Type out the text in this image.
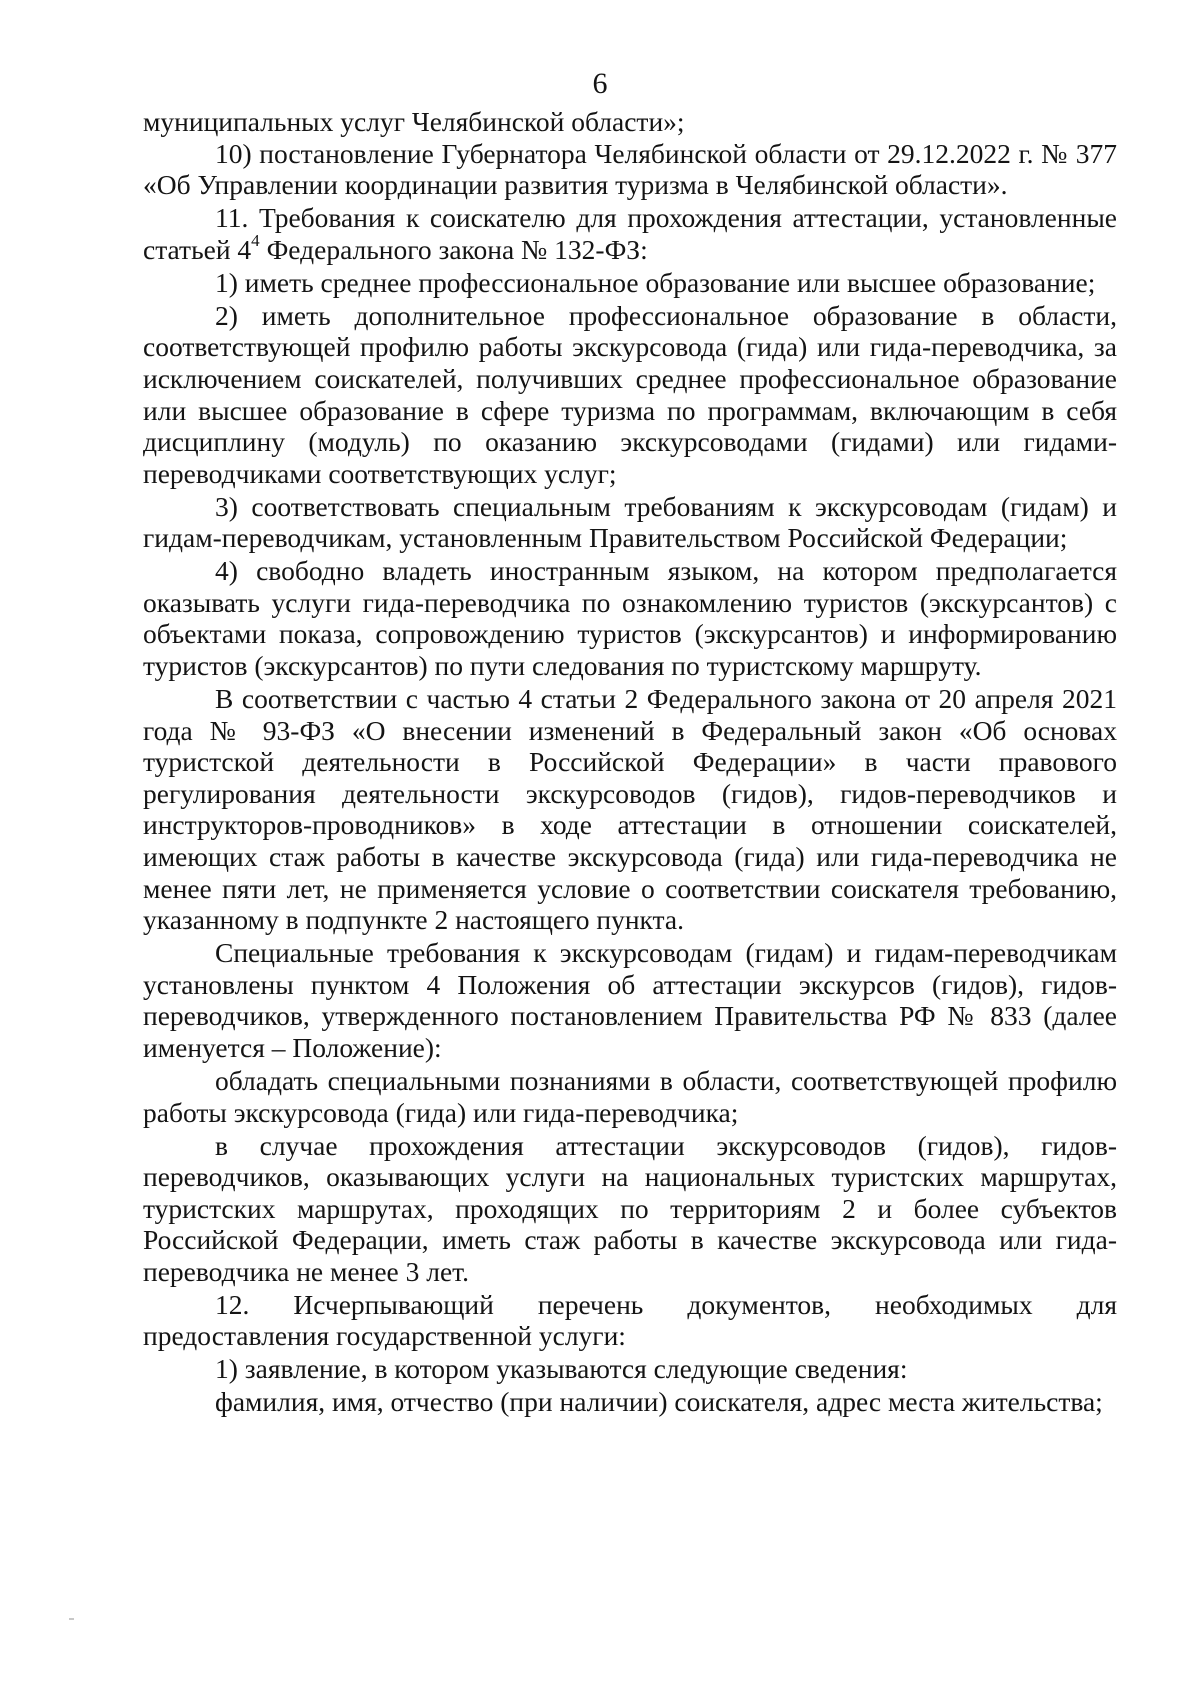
6

муниципальных услуг Челябинской области»;

10) постановление Губернатора Челябинской области от 29.12.2022 г. № 377 «Об Управлении координации развития туризма в Челябинской области».

11. Требования к соискателю для прохождения аттестации, установленные статьей $4^4$ Федерального закона № 132-ФЗ:

1) иметь среднее профессиональное образование или высшее образование;

2) иметь дополнительное профессиональное образование в области, соответствующей профилю работы экскурсовода (гида) или гида-переводчика, за исключением соискателей, получивших среднее профессиональное образование или высшее образование в сфере туризма по программам, включающим в себя дисциплину (модуль) по оказанию экскурсоводами (гидами) или гидами-переводчиками соответствующих услуг;

3) соответствовать специальным требованиям к экскурсоводам (гидам) и гидам-переводчикам, установленным Правительством Российской Федерации;

4) свободно владеть иностранным языком, на котором предполагается оказывать услуги гида-переводчика по ознакомлению туристов (экскурсантов) с объектами показа, сопровождению туристов (экскурсантов) и информированию туристов (экскурсантов) по пути следования по туристскому маршруту.

В соответствии с частью 4 статьи 2 Федерального закона от 20 апреля 2021 года № 93-ФЗ «О внесении изменений в Федеральный закон «Об основах туристской деятельности в Российской Федерации» в части правового регулирования деятельности экскурсоводов (гидов), гидов-переводчиков и инструкторов-проводников» в ходе аттестации в отношении соискателей, имеющих стаж работы в качестве экскурсовода (гида) или гида-переводчика не менее пяти лет, не применяется условие о соответствии соискателя требованию, указанному в подпункте 2 настоящего пункта.

Специальные требования к экскурсоводам (гидам) и гидам-переводчикам установлены пунктом 4 Положения об аттестации экскурсов (гидов), гидов-переводчиков, утвержденного постановлением Правительства РФ № 833 (далее именуется – Положение):

обладать специальными познаниями в области, соответствующей профилю работы экскурсовода (гида) или гида-переводчика;

в случае прохождения аттестации экскурсоводов (гидов), гидов-переводчиков, оказывающих услуги на национальных туристских маршрутах, туристских маршрутах, проходящих по территориям 2 и более субъектов Российской Федерации, иметь стаж работы в качестве экскурсовода или гида-переводчика не менее 3 лет.

12. Исчерпывающий перечень документов, необходимых для предоставления государственной услуги:

1) заявление, в котором указываются следующие сведения:

фамилия, имя, отчество (при наличии) соискателя, адрес места жительства;
